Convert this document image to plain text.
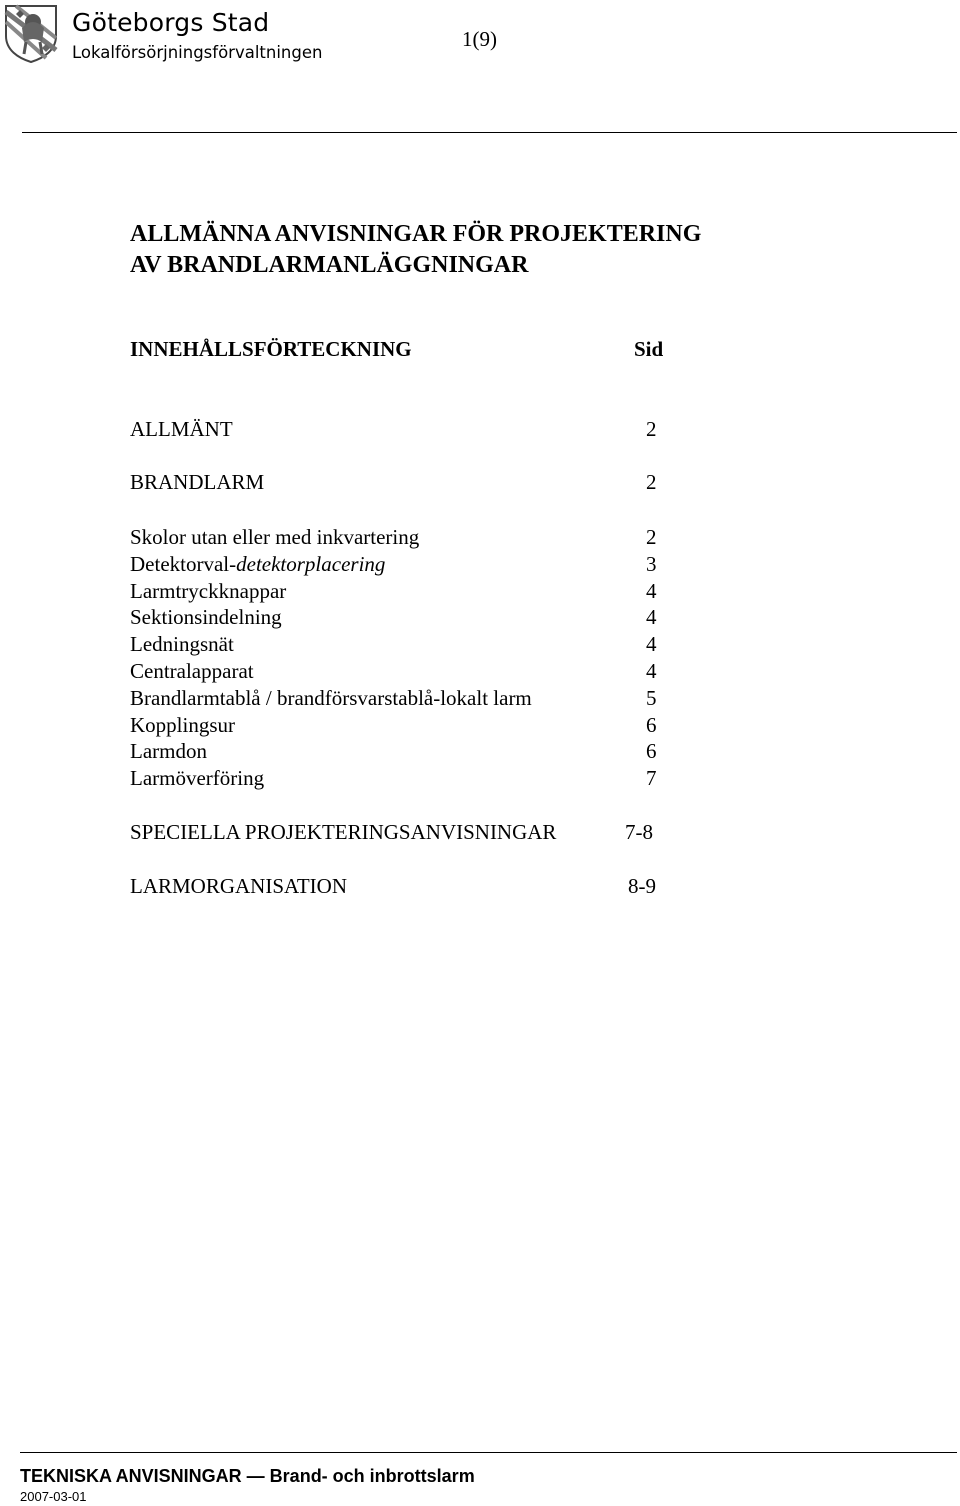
Göteborgs Stad
Lokalförsörjningsförvaltningen
1(9)
ALLMÄNNA ANVISNINGAR FÖR PROJEKTERING
AV BRANDLARMANLÄGGNINGAR
INNEHÅLLSFÖRTECKNING	Sid
ALLMÄNT	2
BRANDLARM	2
Skolor utan eller med inkvartering	2
Detektorval-detektorplacering	3
Larmtryckknappar	4
Sektionsindelning	4
Ledningsnät	4
Centralapparat	4
Brandlarmtablå / brandförsvarstablå-lokalt larm	5
Kopplingsur	6
Larmdon	6
Larmöverföring	7
SPECIELLA PROJEKTERINGSANVISNINGAR	7-8
LARMORGANISATION	8-9
TEKNISKA ANVISNINGAR — Brand- och inbrottslarm
2007-03-01
